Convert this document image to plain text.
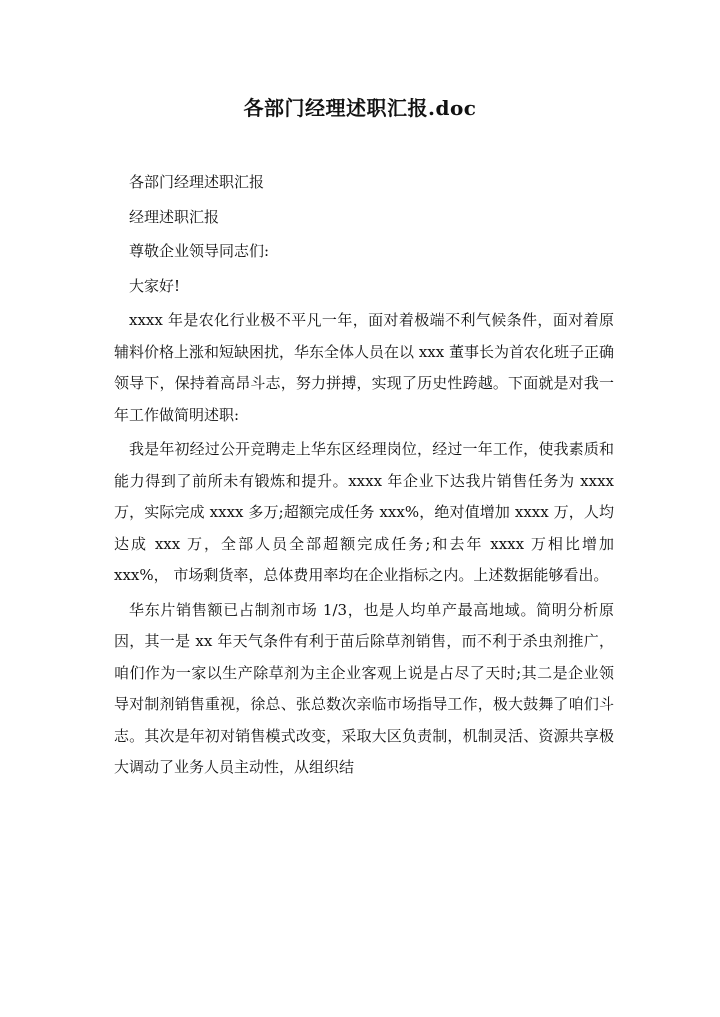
各部门经理述职汇报.doc

各部门经理述职汇报

经理述职汇报

尊敬企业领导同志们:

大家好!

xxxx 年是农化行业极不平凡一年，面对着极端不利气候条件，面对着原辅料价格上涨和短缺困扰，华东全体人员在以 xxx 董事长为首农化班子正确领导下，保持着高昂斗志，努力拼搏，实现了历史性跨越。下面就是对我一年工作做简明述职:

我是年初经过公开竞聘走上华东区经理岗位，经过一年工作，使我素质和能力得到了前所未有锻炼和提升。xxxx 年企业下达我片销售任务为 xxxx 万，实际完成 xxxx 多万;超额完成任务 xxx%，绝对值增加 xxxx 万，人均达成 xxx 万，全部人员全部超额完成任务;和去年 xxxx 万相比增加 xxx%， 市场剩货率，总体费用率均在企业指标之内。上述数据能够看出。

华东片销售额已占制剂市场 1/3，也是人均单产最高地域。简明分析原因，其一是 xx 年天气条件有利于苗后除草剂销售，而不利于杀虫剂推广，咱们作为一家以生产除草剂为主企业客观上说是占尽了天时;其二是企业领导对制剂销售重视，徐总、张总数次亲临市场指导工作，极大鼓舞了咱们斗志。其次是年初对销售模式改变，采取大区负责制，机制灵活、资源共享极大调动了业务人员主动性，从组织结
